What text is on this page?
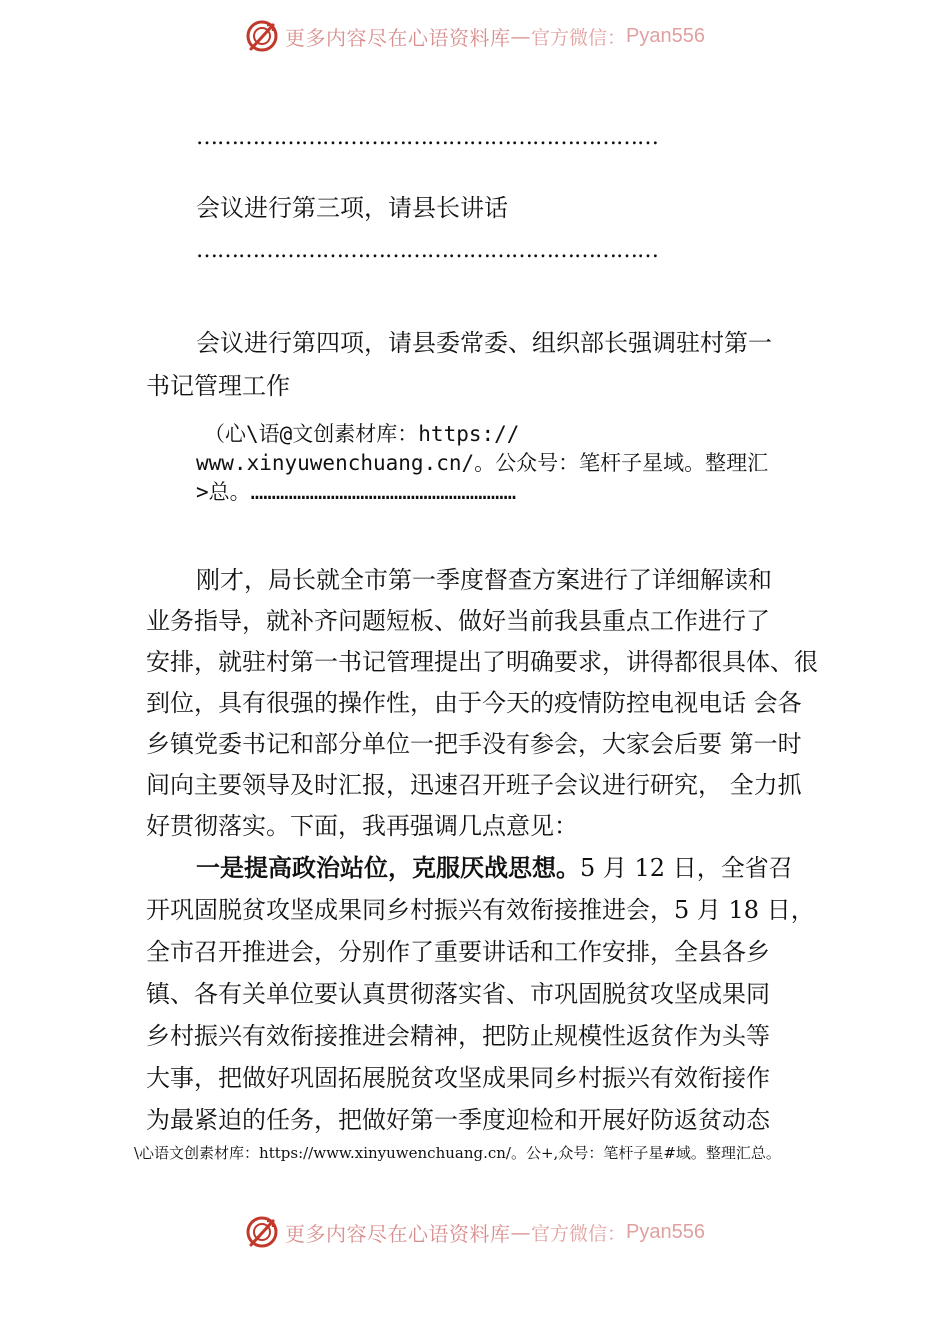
更多内容尽在心语资料库 — 官方微信： Pyan556
…………………………………………………………
会议进行第三项，请县长讲话
…………………………………………………………
会议进行第四项，请县委常委、组织部长强调驻村第一
书记管理工作
（心\语@文创素材库：https://
www.xinyuwenchuang.cn/。公众号：笔杆子星域。整理汇
>总。………………………………………………………
刚才，局长就全市第一季度督查方案进行了详细解读和
业务指导，就补齐问题短板、做好当前我县重点工作进行了
安排，就驻村第一书记管理提出了明确要求，讲得都很具体、很
到位，具有很强的操作性，由于今天的疫情防控电视电话 会各
乡镇党委书记和部分单位一把手没有参会，大家会后要 第一时
间向主要领导及时汇报，迅速召开班子会议进行研究， 全力抓
好贯彻落实。下面，我再强调几点意见：
一是提高政治站位，克服厌战思想。5 月 12 日，全省召
开巩固脱贫攻坚成果同乡村振兴有效衔接推进会，5 月 18 日，
全市召开推进会，分别作了重要讲话和工作安排，全县各乡
镇、各有关单位要认真贯彻落实省、市巩固脱贫攻坚成果同
乡村振兴有效衔接推进会精神，把防止规模性返贫作为头等
大事，把做好巩固拓展脱贫攻坚成果同乡村振兴有效衔接作
为最紧迫的任务，把做好第一季度迎检和开展好防返贫动态
\心语文创素材库：https://www.xinyuwenchuang.cn/。公+,众号：笔杆子星#域。整理汇总。
更多内容尽在心语资料库 — 官方微信： Pyan556
